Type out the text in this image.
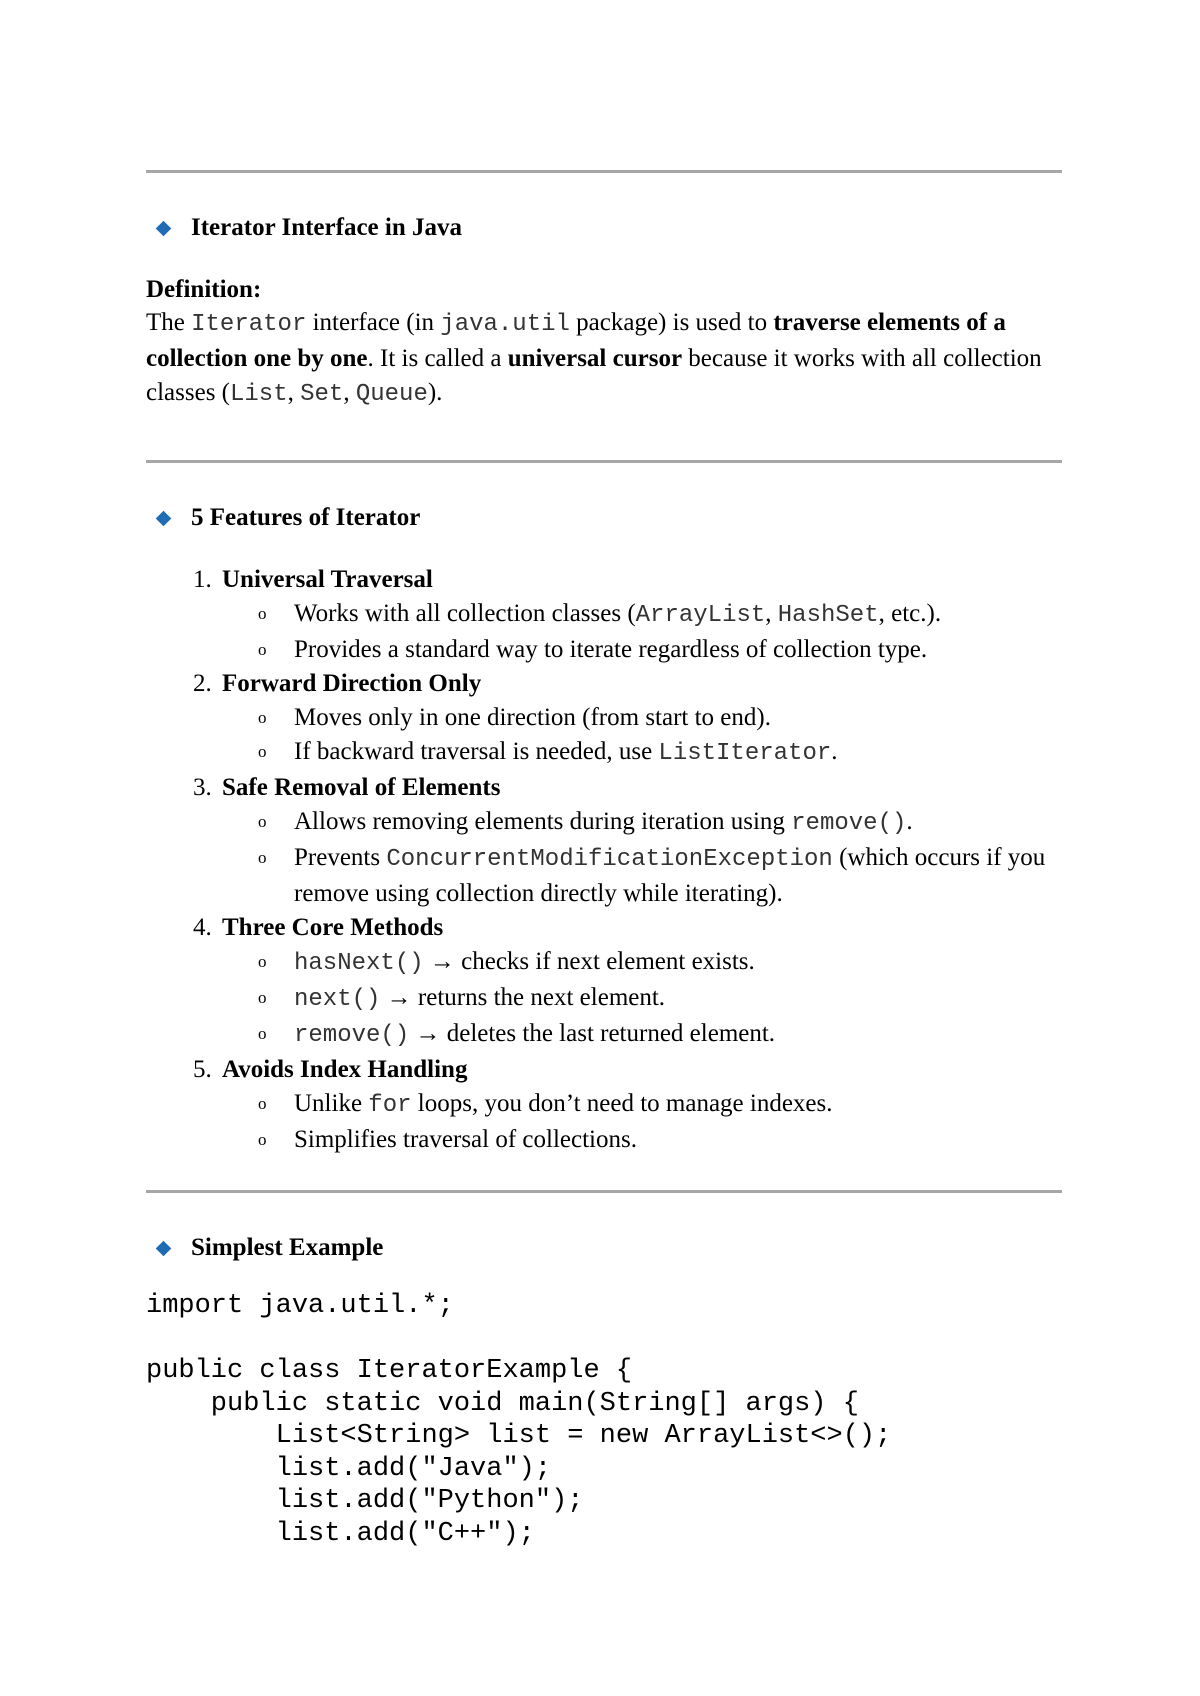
Iterator Interface in Java
Definition:
The Iterator interface (in java.util package) is used to traverse elements of a collection one by one. It is called a universal cursor because it works with all collection classes (List, Set, Queue).
5 Features of Iterator
1. Universal Traversal
o Works with all collection classes (ArrayList, HashSet, etc.).
o Provides a standard way to iterate regardless of collection type.
2. Forward Direction Only
o Moves only in one direction (from start to end).
o If backward traversal is needed, use ListIterator.
3. Safe Removal of Elements
o Allows removing elements during iteration using remove().
o Prevents ConcurrentModificationException (which occurs if you remove using collection directly while iterating).
4. Three Core Methods
o hasNext() → checks if next element exists.
o next() → returns the next element.
o remove() → deletes the last returned element.
5. Avoids Index Handling
o Unlike for loops, you don’t need to manage indexes.
o Simplifies traversal of collections.
Simplest Example
import java.util.*;

public class IteratorExample {
public static void main(String[] args) {
List<String> list = new ArrayList<>();
list.add("Java");
list.add("Python");
list.add("C++");
